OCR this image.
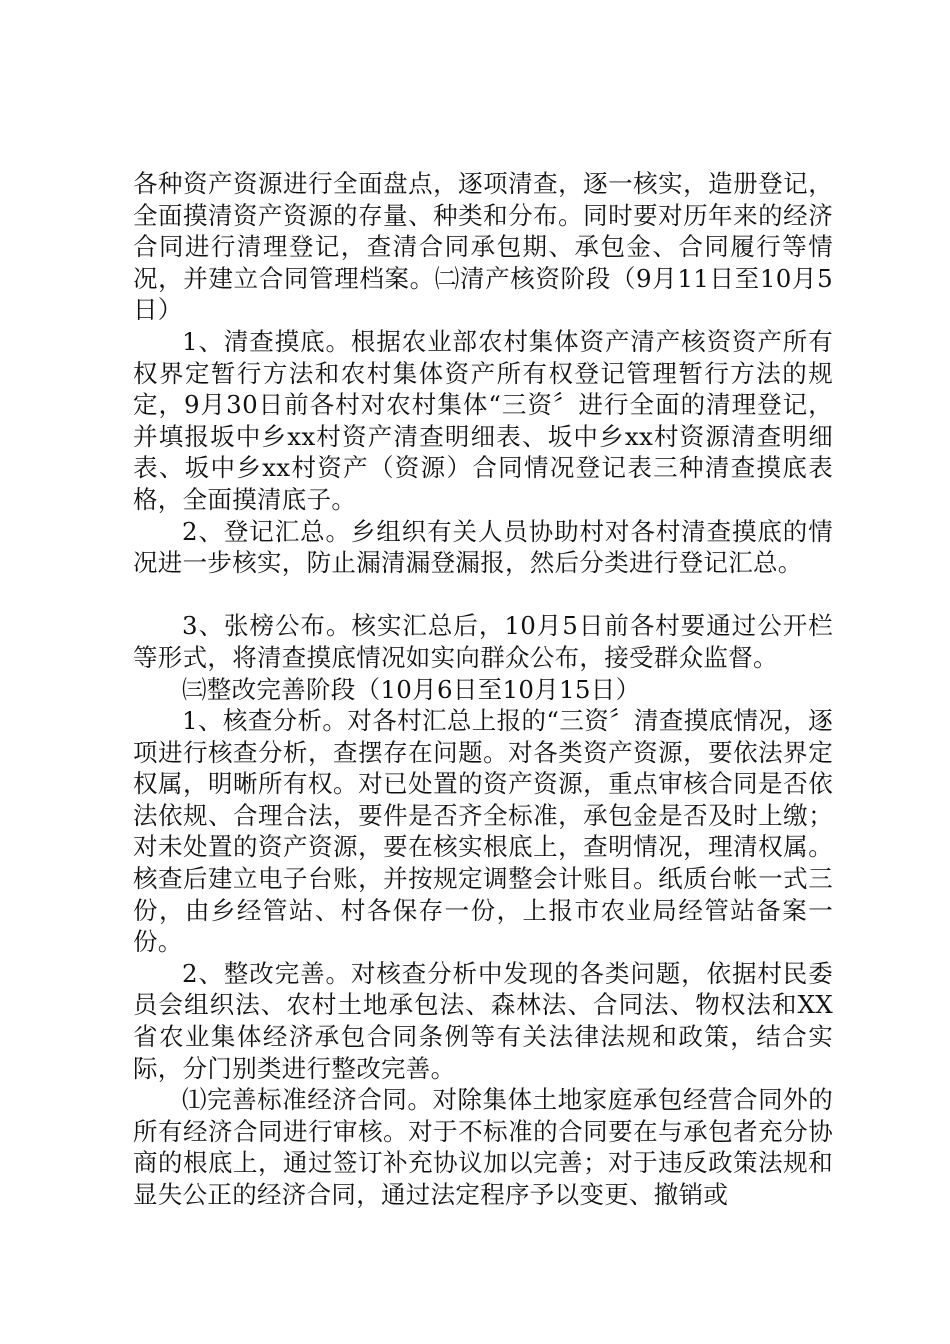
各种资产资源进行全面盘点，逐项清查，逐一核实，造册登记，全面摸清资产资源的存量、种类和分布。同时要对历年来的经济合同进行清理登记，查清合同承包期、承包金、合同履行等情况，并建立合同管理档案。㈡清产核资阶段（9月11日至10月5日）

1、清查摸底。根据农业部农村集体资产清产核资资产所有权界定暂行方法和农村集体资产所有权登记管理暂行方法的规定，9月30日前各村对农村集体“三资〞进行全面的清理登记，并填报坂中乡xx村资产清查明细表、坂中乡xx村资源清查明细表、坂中乡xx村资产（资源）合同情况登记表三种清查摸底表格，全面摸清底子。

2、登记汇总。乡组织有关人员协助村对各村清查摸底的情况进一步核实，防止漏清漏登漏报，然后分类进行登记汇总。

3、张榜公布。核实汇总后，10月5日前各村要通过公开栏等形式，将清查摸底情况如实向群众公布，接受群众监督。

㈢整改完善阶段（10月6日至10月15日）

1、核查分析。对各村汇总上报的“三资〞清查摸底情况，逐项进行核查分析，查摆存在问题。对各类资产资源，要依法界定权属，明晰所有权。对已处置的资产资源，重点审核合同是否依法依规、合理合法，要件是否齐全标准，承包金是否及时上缴；对未处置的资产资源，要在核实根底上，查明情况，理清权属。核查后建立电子台账，并按规定调整会计账目。纸质台帐一式三份，由乡经管站、村各保存一份，上报市农业局经管站备案一份。

2、整改完善。对核查分析中发现的各类问题，依据村民委员会组织法、农村土地承包法、森林法、合同法、物权法和XX省农业集体经济承包合同条例等有关法律法规和政策，结合实际，分门别类进行整改完善。

⑴完善标准经济合同。对除集体土地家庭承包经营合同外的所有经济合同进行审核。对于不标准的合同要在与承包者充分协商的根底上，通过签订补充协议加以完善；对于违反政策法规和显失公正的经济合同，通过法定程序予以变更、撤销或
